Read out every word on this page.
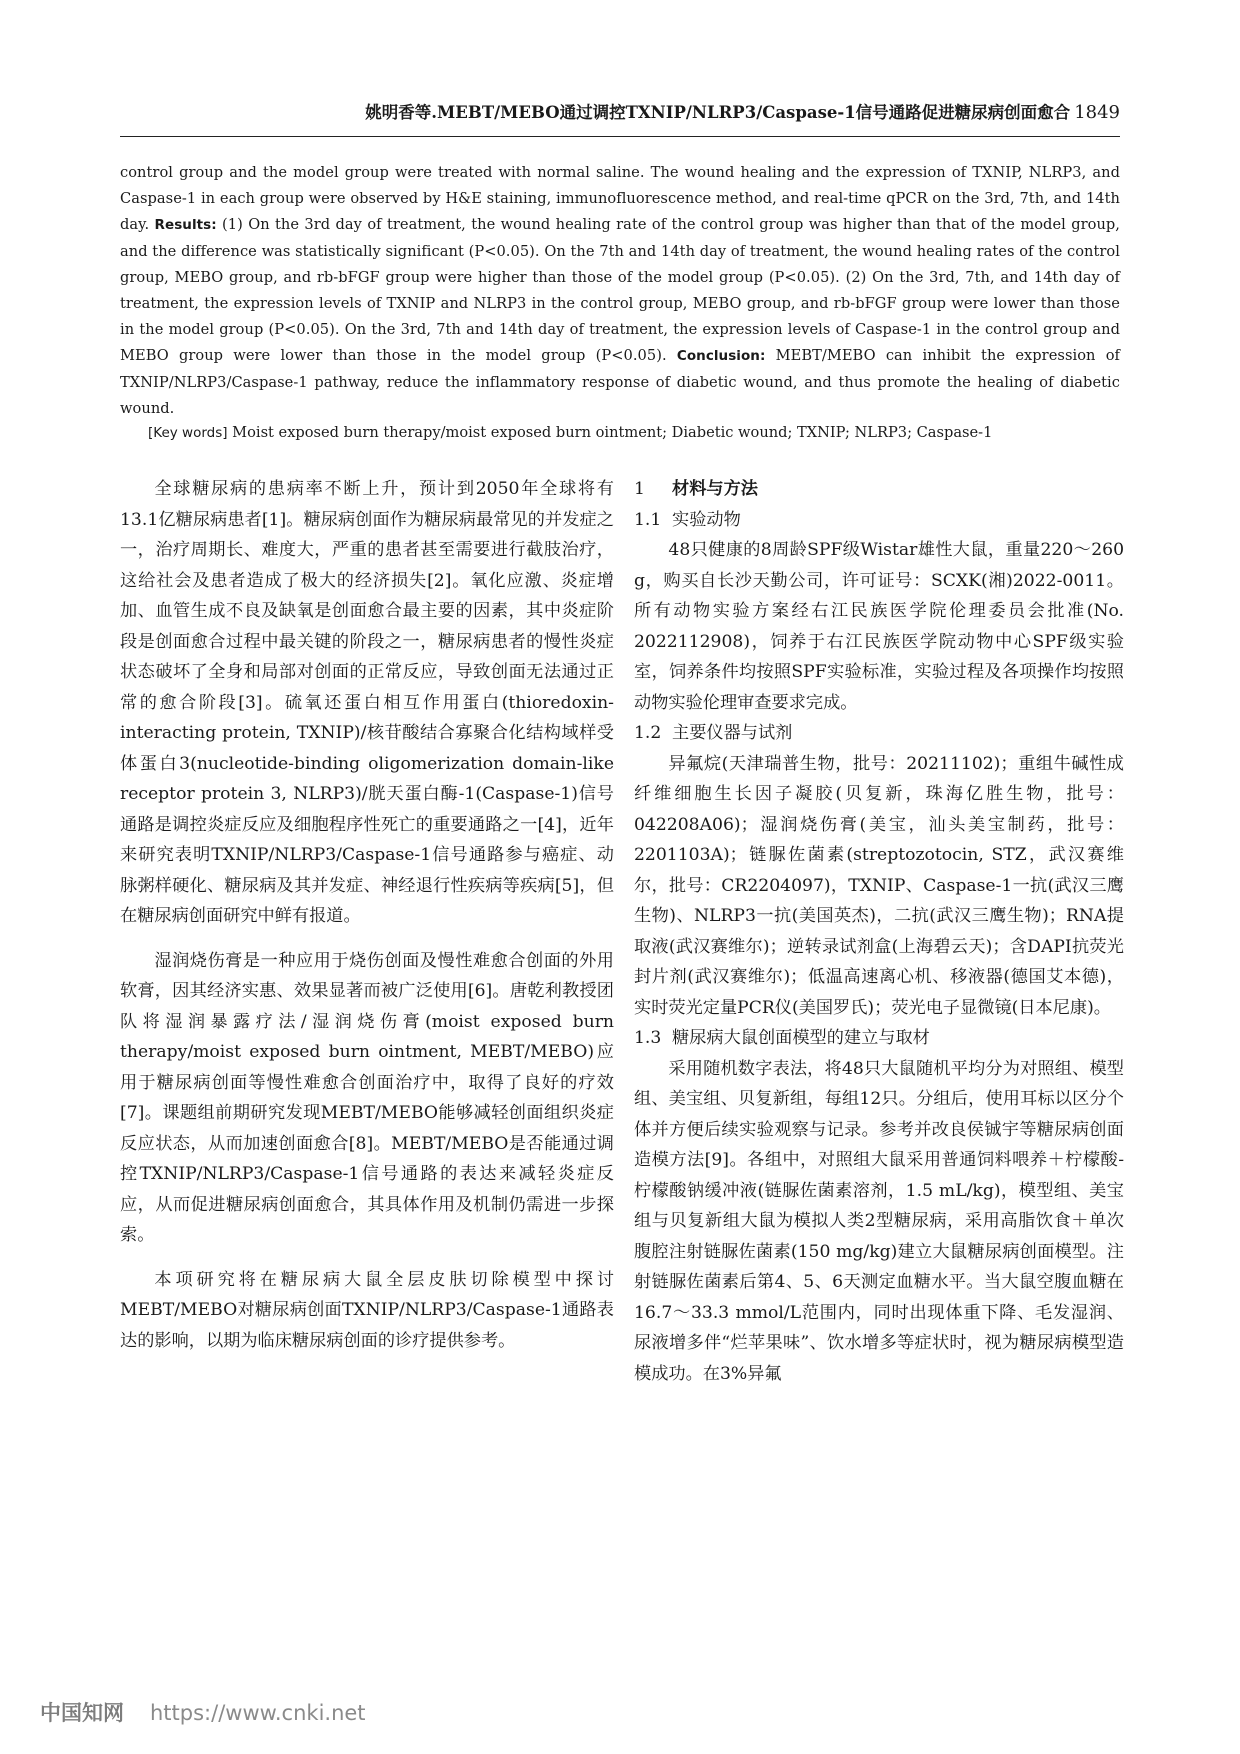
姚明香等.MEBT/MEBO通过调控TXNIP/NLRP3/Caspase-1信号通路促进糖尿病创面愈合 1849
control group and the model group were treated with normal saline. The wound healing and the expression of TXNIP, NLRP3, and Caspase-1 in each group were observed by H&E staining, immunofluorescence method, and real-time qPCR on the 3rd, 7th, and 14th day. Results: (1) On the 3rd day of treatment, the wound healing rate of the control group was higher than that of the model group, and the difference was statistically significant (P<0.05). On the 7th and 14th day of treatment, the wound healing rates of the control group, MEBO group, and rb-bFGF group were higher than those of the model group (P<0.05). (2) On the 3rd, 7th, and 14th day of treatment, the expression levels of TXNIP and NLRP3 in the control group, MEBO group, and rb-bFGF group were lower than those in the model group (P<0.05). On the 3rd, 7th and 14th day of treatment, the expression levels of Caspase-1 in the control group and MEBO group were lower than those in the model group (P<0.05). Conclusion: MEBT/MEBO can inhibit the expression of TXNIP/NLRP3/Caspase-1 pathway, reduce the inflammatory response of diabetic wound, and thus promote the healing of diabetic wound.
[Key words] Moist exposed burn therapy/moist exposed burn ointment; Diabetic wound; TXNIP; NLRP3; Caspase-1

全球糖尿病的患病率不断上升，预计到2050年全球将有13.1亿糖尿病患者[1]。糖尿病创面作为糖尿病最常见的并发症之一，治疗周期长、难度大，严重的患者甚至需要进行截肢治疗，这给社会及患者造成了极大的经济损失[2]。氧化应激、炎症增加、血管生成不良及缺氧是创面愈合最主要的因素，其中炎症阶段是创面愈合过程中最关键的阶段之一，糖尿病患者的慢性炎症状态破坏了全身和局部对创面的正常反应，导致创面无法通过正常的愈合阶段[3]。硫氧还蛋白相互作用蛋白(thioredoxin-interacting protein, TXNIP)/核苷酸结合寡聚合化结构域样受体蛋白3(nucleotide-binding oligomerization domain-like receptor protein 3, NLRP3)/胱天蛋白酶-1(Caspase-1)信号通路是调控炎症反应及细胞程序性死亡的重要通路之一[4]，近年来研究表明TXNIP/NLRP3/Caspase-1信号通路参与癌症、动脉粥样硬化、糖尿病及其并发症、神经退行性疾病等疾病[5]，但在糖尿病创面研究中鲜有报道。

湿润烧伤膏是一种应用于烧伤创面及慢性难愈合创面的外用软膏，因其经济实惠、效果显著而被广泛使用[6]。唐乾利教授团队将湿润暴露疗法/湿润烧伤膏(moist exposed burn therapy/moist exposed burn ointment, MEBT/MEBO)应用于糖尿病创面等慢性难愈合创面治疗中，取得了良好的疗效[7]。课题组前期研究发现MEBT/MEBO能够减轻创面组织炎症反应状态，从而加速创面愈合[8]。MEBT/MEBO是否能通过调控TXNIP/NLRP3/Caspase-1信号通路的表达来减轻炎症反应，从而促进糖尿病创面愈合，其具体作用及机制仍需进一步探索。

本项研究将在糖尿病大鼠全层皮肤切除模型中探讨MEBT/MEBO对糖尿病创面TXNIP/NLRP3/Caspase-1通路表达的影响，以期为临床糖尿病创面的诊疗提供参考。

1 材料与方法
1.1 实验动物

48只健康的8周龄SPF级Wistar雄性大鼠，重量220～260 g，购买自长沙天勤公司，许可证号：SCXK(湘)2022-0011。所有动物实验方案经右江民族医学院伦理委员会批准(No. 2022112908)，饲养于右江民族医学院动物中心SPF级实验室，饲养条件均按照SPF实验标准，实验过程及各项操作均按照动物实验伦理审查要求完成。

1.2 主要仪器与试剂

异氟烷(天津瑞普生物，批号：20211102)；重组牛碱性成纤维细胞生长因子凝胶(贝复新，珠海亿胜生物，批号：042208A06)；湿润烧伤膏(美宝，汕头美宝制药，批号：2201103A)；链脲佐菌素(streptozotocin, STZ，武汉赛维尔，批号：CR2204097)，TXNIP、Caspase-1一抗(武汉三鹰生物)、NLRP3一抗(美国英杰)，二抗(武汉三鹰生物)；RNA提取液(武汉赛维尔)；逆转录试剂盒(上海碧云天)；含DAPI抗荧光封片剂(武汉赛维尔)；低温高速离心机、移液器(德国艾本德)，实时荧光定量PCR仪(美国罗氏)；荧光电子显微镜(日本尼康)。

1.3 糖尿病大鼠创面模型的建立与取材

采用随机数字表法，将48只大鼠随机平均分为对照组、模型组、美宝组、贝复新组，每组12只。分组后，使用耳标以区分个体并方便后续实验观察与记录。参考并改良侯铖宇等糖尿病创面造模方法[9]。各组中，对照组大鼠采用普通饲料喂养＋柠檬酸-柠檬酸钠缓冲液(链脲佐菌素溶剂，1.5 mL/kg)，模型组、美宝组与贝复新组大鼠为模拟人类2型糖尿病，采用高脂饮食＋单次腹腔注射链脲佐菌素(150 mg/kg)建立大鼠糖尿病创面模型。注射链脲佐菌素后第4、5、6天测定血糖水平。当大鼠空腹血糖在16.7～33.3 mmol/L范围内，同时出现体重下降、毛发湿润、尿液增多伴“烂苹果味”、饮水增多等症状时，视为糖尿病模型造模成功。在3%异氟

中国知网 https://www.cnki.net
